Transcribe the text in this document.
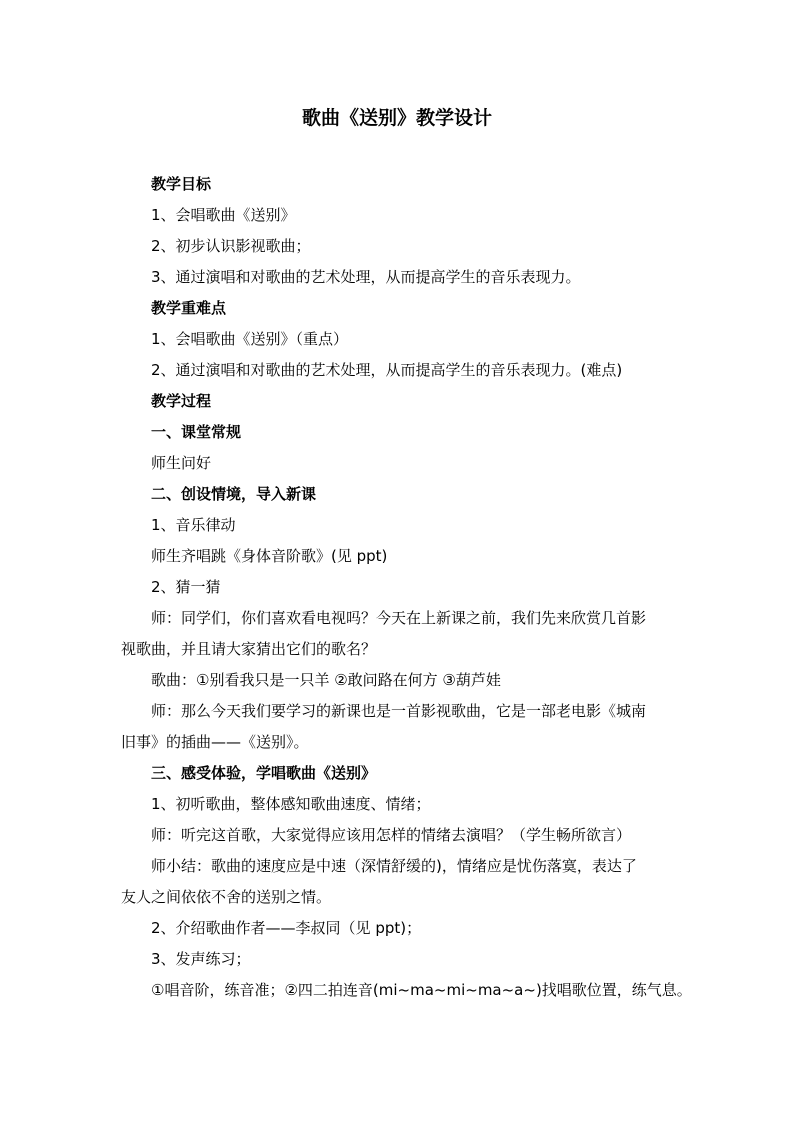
歌曲《送别》教学设计
教学目标
1、会唱歌曲《送别》
2、初步认识影视歌曲；
3、通过演唱和对歌曲的艺术处理，从而提高学生的音乐表现力。
教学重难点
1、会唱歌曲《送别》（重点）
2、通过演唱和对歌曲的艺术处理，从而提高学生的音乐表现力。(难点)
教学过程
一、课堂常规
师生问好
二、创设情境，导入新课
1、音乐律动
师生齐唱跳《身体音阶歌》(见 ppt)
2、猜一猜
师：同学们，你们喜欢看电视吗？今天在上新课之前，我们先来欣赏几首影
视歌曲，并且请大家猜出它们的歌名？
歌曲：①别看我只是一只羊 ②敢问路在何方 ③葫芦娃
师：那么今天我们要学习的新课也是一首影视歌曲，它是一部老电影《城南
旧事》的插曲——《送别》。
三、感受体验，学唱歌曲《送别》
1、初听歌曲，整体感知歌曲速度、情绪；
师：听完这首歌，大家觉得应该用怎样的情绪去演唱？（学生畅所欲言）
师小结：歌曲的速度应是中速（深情舒缓的)，情绪应是忧伤落寞，表达了
友人之间依依不舍的送别之情。
2、介绍歌曲作者——李叔同（见 ppt)；
3、发声练习；
①唱音阶，练音准；②四二拍连音(mi~ma~mi~ma~a~)找唱歌位置，练气息。
